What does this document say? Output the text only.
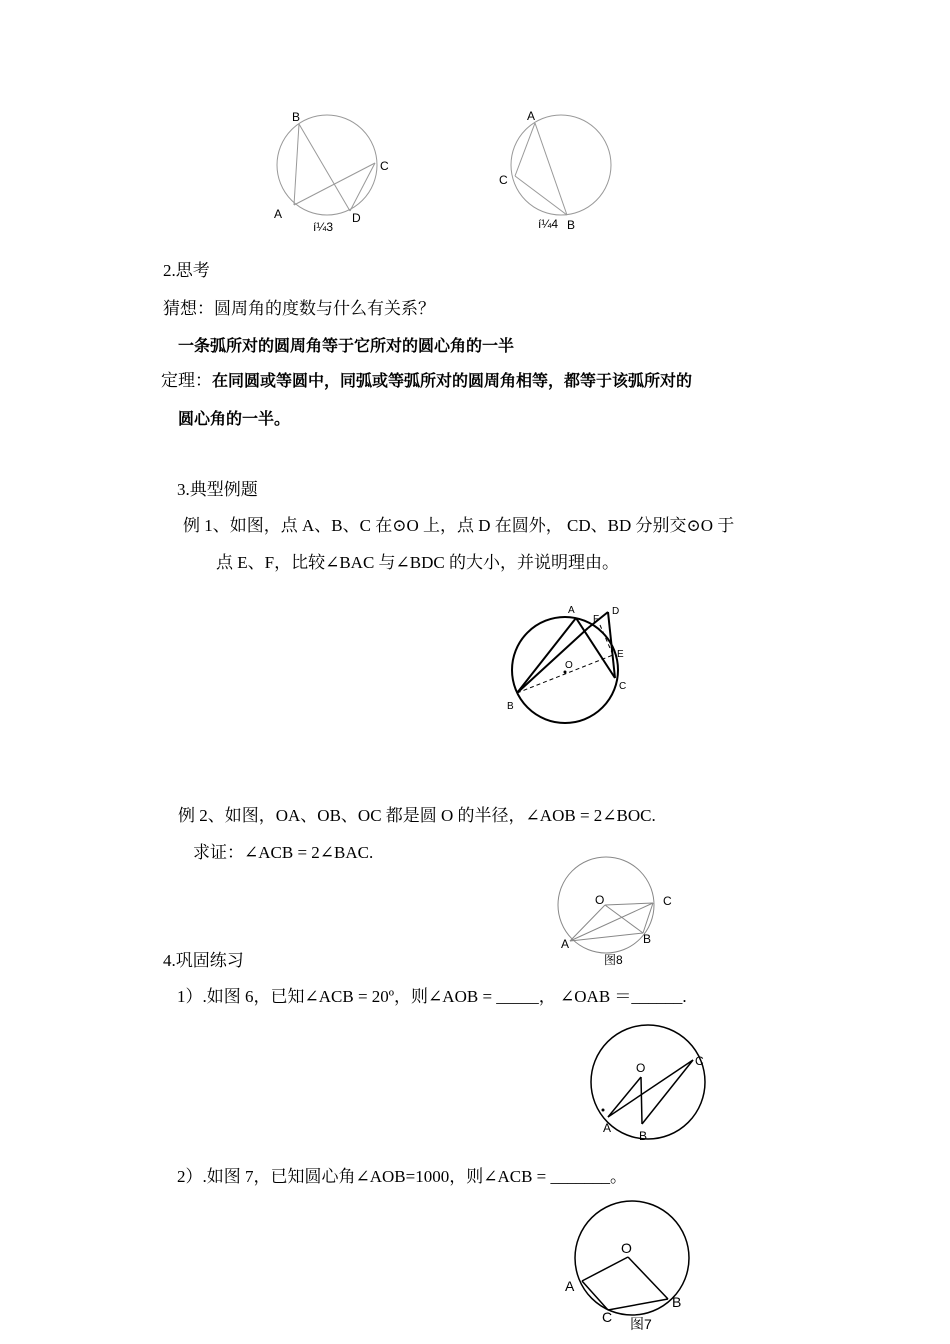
B
C
A	D
í¼3
A
C
í¼4 B
2.思考
猜想：圆周角的度数与什么有关系？
一条弧所对的圆周角等于它所对的圆心角的一半
定理：在同圆或等圆中，同弧或等弧所对的圆周角相等，都等于该弧所对的
圆心角的一半。
3.典型例题
例 1、如图，点 A、B、C 在⊙O 上，点 D 在圆外， CD、BD 分别交⊙O 于
点 E、F，比较∠BAC 与∠BDC 的大小，并说明理由。
A
F
D
O
E
C
B
例 2、如图，OA、OB、OC 都是圆 O 的半径，∠AOB = 2∠BOC.
求证：∠ACB = 2∠BAC.
O	C
A	B
图8
4.巩固练习
1）.如图 6，已知∠ACB = 20º，则∠AOB = _____， ∠OAB ＝______.
O	C
A
B
2）.如图 7，已知圆心角∠AOB=1000，则∠ACB = _______。
O
A
B
C 图7
